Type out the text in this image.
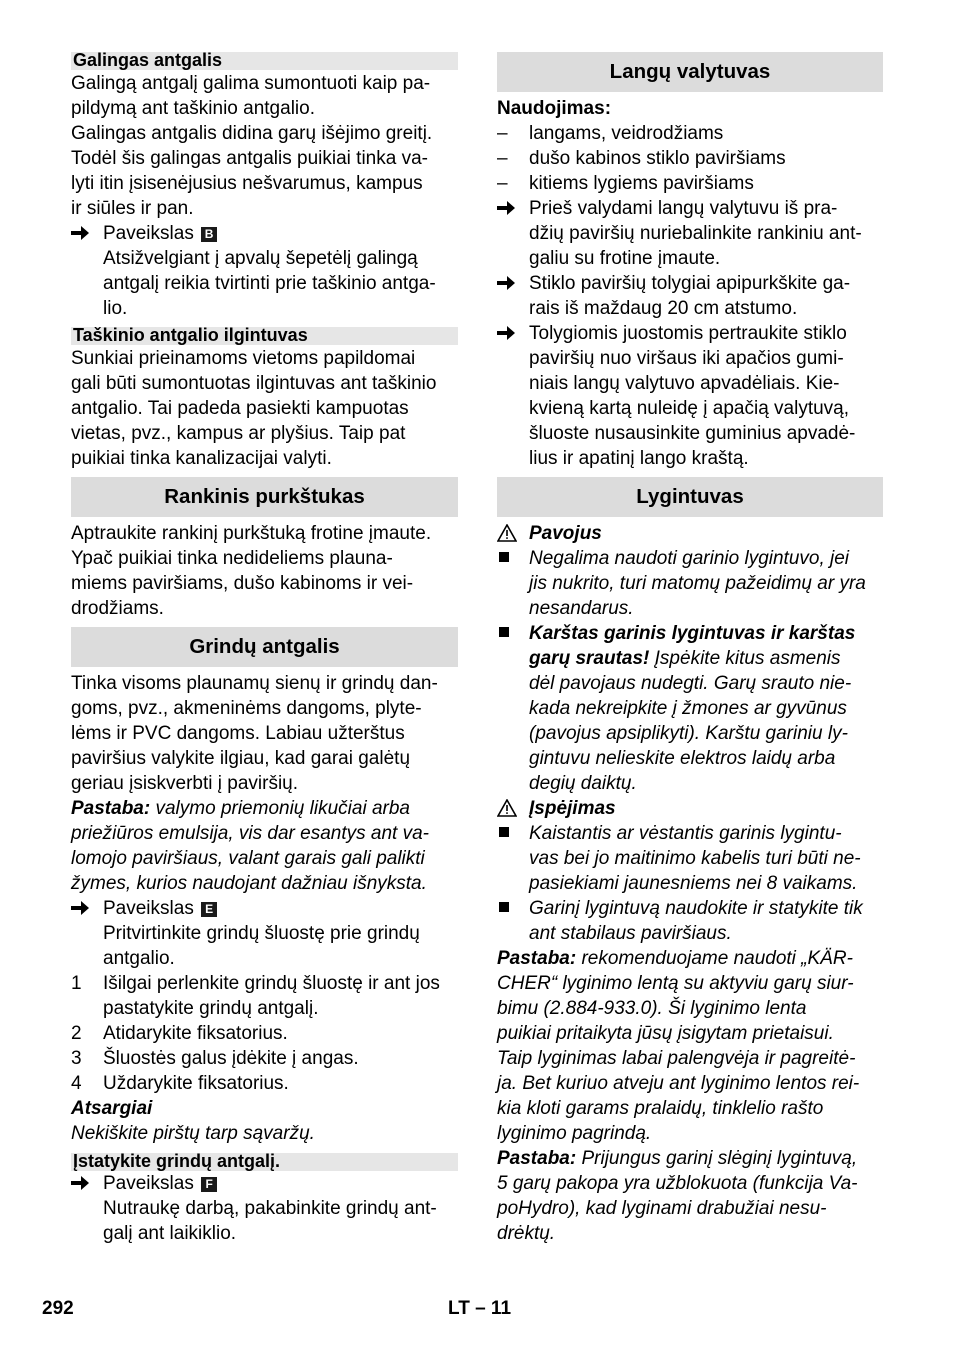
Galingas antgalis
Galingą antgalį galima sumontuoti kaip pa-
pildymą ant taškinio antgalio.
Galingas antgalis didina garų išėjimo greitį.
Todėl šis galingas antgalis puikiai tinka va-
lyti itin įsisenėjusius nešvarumus, kampus
ir siūles ir pan.
Paveikslas B
Atsižvelgiant į apvalų šepetėlį galingą
antgalį reikia tvirtinti prie taškinio antga-
lio.
Taškinio antgalio ilgintuvas
Sunkiai prieinamoms vietoms papildomai
gali būti sumontuotas ilgintuvas ant taškinio
antgalio. Tai padeda pasiekti kampuotas
vietas, pvz., kampus ar plyšius. Taip pat
puikiai tinka kanalizacijai valyti.
Rankinis purkštukas
Aptraukite rankinį purkštuką frotine įmaute.
Ypač puikiai tinka nedideliems plauna-
miems paviršiams, dušo kabinoms ir vei-
drodžiams.
Grindų antgalis
Tinka visoms plaunamų sienų ir grindų dan-
goms, pvz., akmeninėms dangoms, plyte-
lėms ir PVC dangoms. Labiau užterštus
paviršius valykite ilgiau, kad garai galėtų
geriau įsiskverbti į paviršių.
Pastaba: valymo priemonių likučiai arba
priežiūros emulsija, vis dar esantys ant va-
lomojo paviršiaus, valant garais gali palikti
žymes, kurios naudojant dažniau išnyksta.
Paveikslas E
Pritvirtinkite grindų šluostę prie grindų
antgalio.
1	Išilgai perlenkite grindų šluostę ir ant jos
pastatykite grindų antgalį.
2	Atidarykite fiksatorius.
3	Šluostės galus įdėkite į angas.
4	Uždarykite fiksatorius.
Atsargiai
Nekiškite pirštų tarp sąvaržų.
Įstatykite grindų antgalį.
Paveikslas F
Nutraukę darbą, pakabinkite grindų ant-
galį ant laikiklio.
Langų valytuvas
Naudojimas:
–	langams, veidrodžiams
–	dušo kabinos stiklo paviršiams
–	kitiems lygiems paviršiams
Prieš valydami langų valytuvu iš pra-
džių paviršių nuriebalinkite rankiniu ant-
galiu su frotine įmaute.
Stiklo paviršių tolygiai apipurkškite ga-
rais iš maždaug 20 cm atstumo.
Tolygiomis juostomis pertraukite stiklo
paviršių nuo viršaus iki apačios gumi-
niais langų valytuvo apvadėliais. Kie-
kvieną kartą nuleidę į apačią valytuvą,
šluoste nusausinkite guminius apvadė-
lius ir apatinį lango kraštą.
Lygintuvas
Pavojus
Negalima naudoti garinio lygintuvo, jei
jis nukrito, turi matomų pažeidimų ar yra
nesandarus.
Karštas garinis lygintuvas ir karštas
garų srautas! Įspėkite kitus asmenis
dėl pavojaus nudegti. Garų srauto nie-
kada nekreipkite į žmones ar gyvūnus
(pavojus apsiplikyti). Karštu gariniu ly-
gintuvu nelieskite elektros laidų arba
degių daiktų.
Įspėjimas
Kaistantis ar vėstantis garinis lygintu-
vas bei jo maitinimo kabelis turi būti ne-
pasiekiami jaunesniems nei 8 vaikams.
Garinį lygintuvą naudokite ir statykite tik
ant stabilaus paviršiaus.
Pastaba: rekomenduojame naudoti „KÄR-
CHER“ lyginimo lentą su aktyviu garų siur-
bimu (2.884-933.0). Ši lyginimo lenta
puikiai pritaikyta jūsų įsigytam prietaisui.
Taip lyginimas labai palengvėja ir pagreitė-
ja. Bet kuriuo atveju ant lyginimo lentos rei-
kia kloti garams pralaidų, tinklelio rašto
lyginimo pagrindą.
Pastaba: Prijungus garinį slėginį lygintuvą,
5 garų pakopa yra užblokuota (funkcija Va-
poHydro), kad lyginami drabužiai nesu-
drėktų.
292	LT – 11
